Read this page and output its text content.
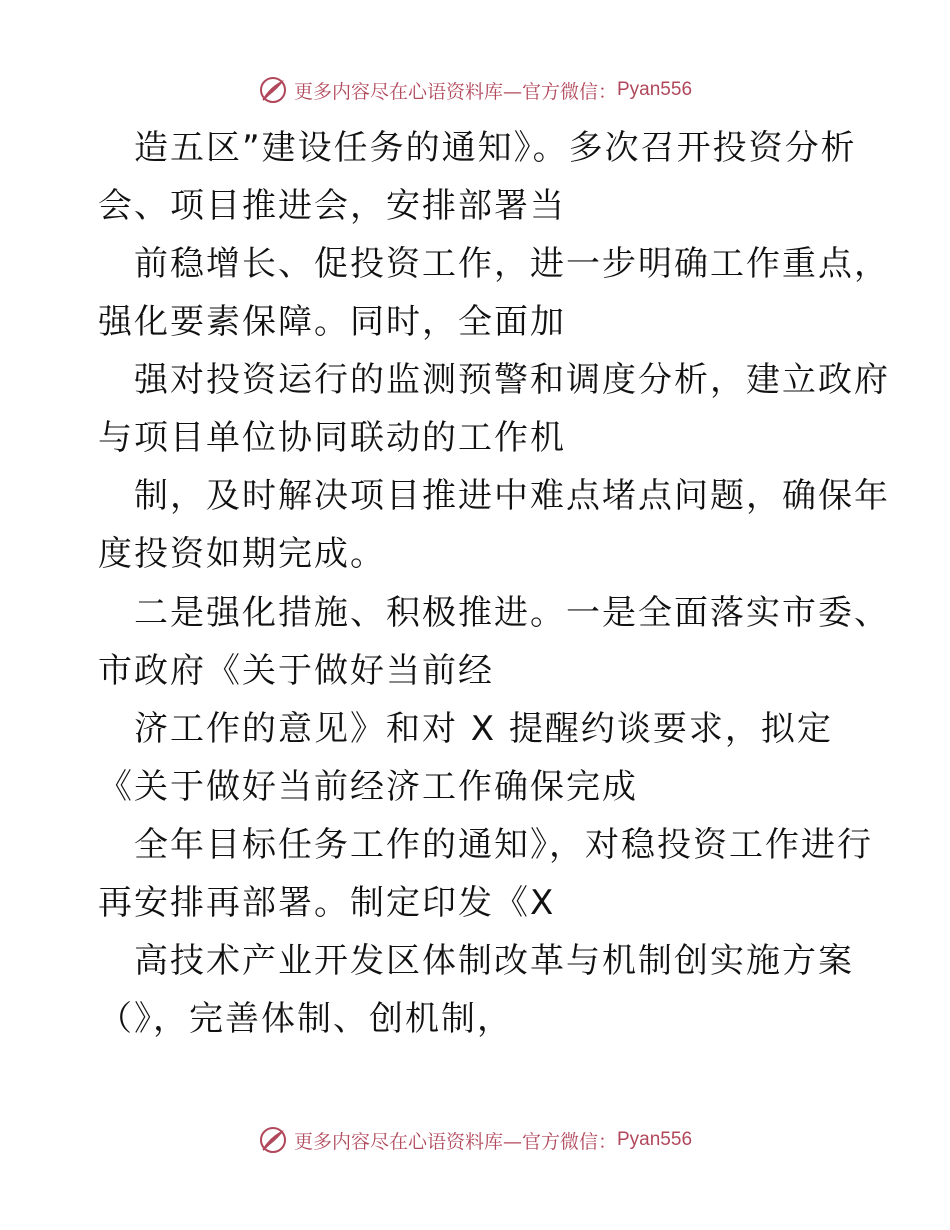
更多内容尽在心语资料库—官方微信： Pyan556
造五区”建设任务的通知》。多次召开投资分析
会、项目推进会，安排部署当
前稳增长、促投资工作，进一步明确工作重点，
强化要素保障。同时，全面加
强对投资运行的监测预警和调度分析，建立政府
与项目单位协同联动的工作机
制，及时解决项目推进中难点堵点问题，确保年
度投资如期完成。
二是强化措施、积极推进。一是全面落实市委、
市政府《关于做好当前经
济工作的意见》和对 X 提醒约谈要求，拟定
《关于做好当前经济工作确保完成
全年目标任务工作的通知》，对稳投资工作进行
再安排再部署。制定印发《X
高技术产业开发区体制改革与机制创实施方案
（》，完善体制、创机制，
更多内容尽在心语资料库—官方微信： Pyan556
